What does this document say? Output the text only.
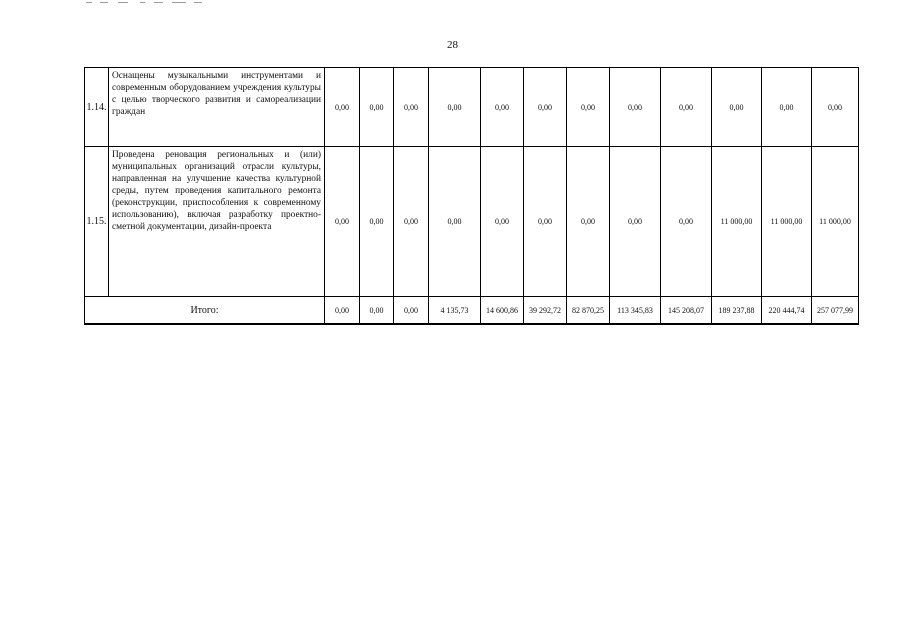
28
1.14.	Оснащены музыкальными инструментами и современным оборудованием учреждения культуры с целью творческого развития и самореализации граждан	0,00	0,00	0,00	0,00	0,00	0,00	0,00	0,00	0,00	0,00	0,00	0,00
1.15.	Проведена реновация региональных и (или) муниципальных организаций отрасли культуры, направленная на улучшение качества культурной среды, путем проведения капитального ремонта (реконструкции, приспособления к современному использованию), включая разработку проектно-сметной документации, дизайн-проекта	0,00	0,00	0,00	0,00	0,00	0,00	0,00	0,00	0,00	11 000,00	11 000,00	11 000,00
Итого:		0,00	0,00	0,00	4 135,73	14 600,86	39 292,72	82 870,25	113 345,83	145 208,07	189 237,88	220 444,74	257 077,99
